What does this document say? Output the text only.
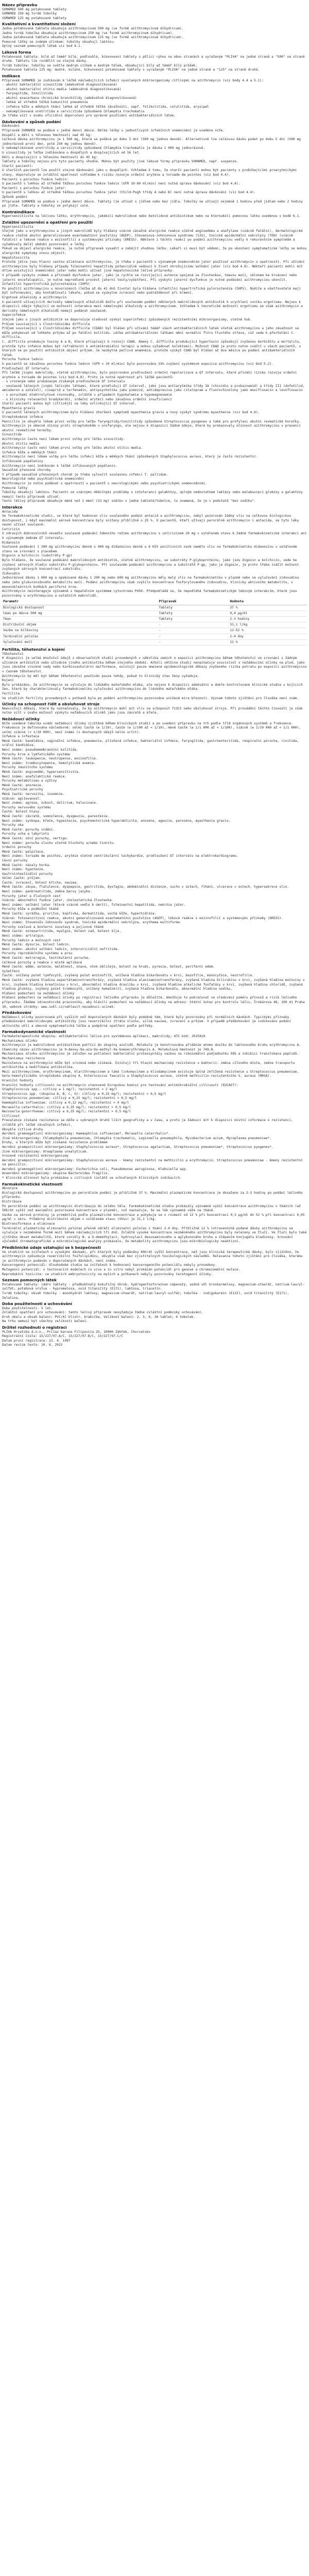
Název přípravku
SUMAMED 500 mg potahované tablety
SUMAMED 250 mg tvrdé tobolky
SUMAMED 125 mg potahované tablety
Kvalitativní a kvantitativní složení
Jedna potahovaná tableta obsahuje azithromycinum 500 mg (ve formě azithromycinum dihydricum).
Jedna tvrdá tobolka obsahuje azithromycinum 250 mg (ve formě azithromycinum dihydricum).
Jedna potahovaná tableta obsahuje azithromycinum 125 mg (ve formě azithromycinum dihydricum).
Pomocné látky se známým účinkem: tobolky obsahují laktózu.
Úplný seznam pomocných látek viz bod 6.1.
Léková forma
Potahovaná tableta: bílé až téměř bílé, podlouhlé, bikonvexní tablety s půlicí rýhou na obou stranách a vyraženým "PLIVA" na jedné straně a "500" na straně druhé. Tabletu lze rozdělit na stejné dávky.
Tvrdá tobolka: tobolky se světle modrým víčkem a modrým tělem, obsahující bílý až téměř bílý prášek.
Potahovaná tableta 125 mg: modré, kulaté, bikonvexní potahované tablety s vyraženým "PLIVA" na jedné straně a "125" na straně druhé.
Indikace
Přípravek SUMAMED je indikován k léčbě následujících infekcí vyvolaných mikroorganismy citlivými na azithromycin (viz body 4.4 a 5.1):
- akutní bakteriální sinusitida (adekvátně diagnostikovaná)
- akutní bakteriální otitis media (adekvátně diagnostikovaná)
- faryngitida, tonzilitida
- akutní exacerbace chronické bronchitidy (adekvátně diagnostikovaná)
- lehká až středně těžká komunitní pneumonie
- infekce kůže a měkkých tkání lehké až středně těžké závažnosti, např. folikulitida, celulitida, erysipel
- nekomplikovaná uretritida a cervicitida způsobená Chlamydia trachomatis
Je třeba vzít v úvahu oficiální doporučení pro správné používání antibakteriálních látek.
Dávkování a způsob podání
Dávkování
Přípravek SUMAMED se podává v jedné denní dávce. Délka léčby u jednotlivých infekčních onemocnění je uvedena níže.
Dospělí a děti s tělesnou hmotností nad 45 kg:
Celková dávka azithromycinu je 1 500 mg, která se podává po dobu 3 dní (500 mg jednou denně). Alternativně lze celkovou dávku podat po dobu 5 dní (500 mg jednorázově první den, poté 250 mg jednou denně).
U nekomplikované uretritidy a cervicitidy způsobené Chlamydia trachomatis je dávka 1 000 mg jednorázově.
U sinusitidy je léčba indikována u dospělých a dospívajících od 16 let.
Děti a dospívající s tělesnou hmotností do 45 kg:
Tablety a tobolky nejsou pro tyto pacienty vhodné. Mohou být použity jiné lékové formy přípravku SUMAMED, např. suspenze.
Starší pacienti:
U starších pacientů lze použít stejné dávkování jako u dospělých. Vzhledem k tomu, že starší pacienti mohou být pacienty s probíhajícími proarytmickými stavy, doporučuje se zvláštní opatrnost vzhledem k riziku rozvoje srdeční arytmie a torsade de pointes (viz bod 4.4).
Pacienti s poruchou funkce ledvin:
U pacientů s lehkou až středně těžkou poruchou funkce ledvin (GFR 10-80 ml/min) není nutná úprava dávkování (viz bod 4.4).
Pacienti s poruchou funkce jater:
U pacientů s lehkou až středně těžkou poruchou funkce jater (Child-Pugh třídy A nebo B) není nutná úprava dávkování (viz bod 4.4).
Způsob podání
Přípravek SUMAMED se podává v jedné denní dávce. Tablety lze užívat s jídlem nebo bez jídla. Tobolky se užívají nejméně 1 hodinu před jídlem nebo 2 hodiny po jídle. Tablety a tobolky se polykají celé.
Kontraindikace
Hypersenzitivita na léčivou látku, erythromycin, jakékoli makrolidové nebo ketolidové antibiotikum nebo na kteroukoli pomocnou látku uvedenou v bodě 6.1.
Zvláštní upozornění a opatření pro použití
Hypersenzitivita
Stejně jako u erythromycinu a jiných makrolidů byly hlášeny vzácné závažné alergické reakce včetně angioedému a anafylaxe (vzácně fatální), dermatologické reakce včetně akutní generalizované exantematózní pustulózy (AGEP), Stevensova-Johnsonova syndromu (SJS), toxické epidermální nekrolýzy (TEN) (vzácně fatální) a lékové reakce s eozinofilií a systémovými příznaky (DRESS). Některé z těchto reakcí po podání azithromycinu vedly k rekurentním symptomům a vyžadovaly delší období pozorování a léčby.
Pokud se objeví alergická reakce, je nutné přípravek vysadit a zahájit vhodnou léčbu. Lékaři si musí být vědomi, že po ukončení symptomatické léčby se mohou alergické symptomy znovu objevit.
Hepatotoxicita
Protože játra jsou hlavní cestou eliminace azithromycinu, je třeba u pacientů s významným onemocněním jater používat azithromycin s opatrností. Při užívání azithromycinu byly hlášeny případy fulminantní hepatitidy potenciálně vedoucí k život ohrožujícímu selhání jater (viz bod 4.8). Někteří pacienti mohli mít dříve existující onemocnění jater nebo mohli užívat jiné hepatotoxické léčivé přípravky.
V případě výskytu známek a příznaků dysfunkce jater, jako je rychle se rozvíjející astenie spojená se žloutenkou, tmavou močí, sklonem ke krvácení nebo jaterní encefalopatií, je nutné neprodleně provést jaterní testy/vyšetření. Při výskytu jaterní dysfunkce je nutné podávání azithromycinu ukončit.
Infantilní hypertrofická pylorostenóza (IHPS)
Po použití azithromycinu u novorozenců (léčba až do 42 dnů života) byla hlášena infantilní hypertrofická pylorostenóza (IHPS). Rodiče a ošetřovatelé mají být informováni, aby kontaktovali lékaře, pokud se vyskytne zvracení nebo podrážděnost při krmení.
Ergotové alkaloidy a azithromycin
U pacientů užívajících deriváty námelových alkaloidů došlo při současném podání některých makrolidových antibiotik k urychlení vzniku ergotismu. Nejsou k dispozici údaje týkající se možnosti interakce mezi námelovými alkaloidy a azithromycinem. Vzhledem k teoretické možnosti ergotismu se však azithromycin a deriváty námelových alkaloidů nemají podávat současně.
Superinfekce
Stejně jako u jiných antibiotik se doporučuje sledovat výskyt superinfekcí způsobených rezistentními mikroorganismy, včetně hub.
Průjem související s Clostridioides difficile
Průjem související s Clostridioides difficile (CDAD) byl hlášen při užívání téměř všech antibakteriálních látek včetně azithromycinu a jeho závažnost se může pohybovat od lehkého průjmu až po fatální kolitidu. Léčba antibakteriálními látkami mění normální flóru tlustého střeva, což vede k přerůstání C. difficile.
C. difficile produkuje toxiny A a B, které přispívají k rozvoji CDAD. Kmeny C. difficile produkující hypertoxin způsobují zvýšenou morbiditu a mortalitu, protože tyto infekce mohou být refrakterní k antimikrobiální terapii a mohou vyžadovat kolektomii. Možnost CDAD je proto nutno zvážit u všech pacientů, u kterých se po použití antibiotik objeví průjem. Je nezbytná pečlivá anamnéza, protože výskyt CDAD byl hlášen až dva měsíce po podání antibakteriálních látek.
Porucha funkce ledvin
U pacientů se závažnou poruchou funkce ledvin (GFR < 10 ml/min) bylo pozorováno 33% zvýšení systémové expozice azithromycinu (viz bod 5.2).
Prodloužení QT intervalu
Při léčbě jinými makrolidy, včetně azithromycinu, bylo pozorováno prodloužení srdeční repolarizace a QT intervalu, které přináší riziko rozvoje srdeční arytmie a torsade de pointes (viz bod 4.8). Proto je nutná opatrnost při léčbě pacientů:
- s vrozeným nebo prokázaným získaným prodloužením QT intervalu
- současně léčených jinými léčivými látkami, které prodlužují QT interval, jako jsou antiarytmika třídy IA (chinidin a prokainamid) a třídy III (dofetilid, amiodaron a sotalol), cisaprid a terfenadin, antipsychotika jako pimozid, antidepresiva jako citalopram a fluorochinolony jako moxifloxacin a levofloxacin
- s poruchami elektrolytové rovnováhy, zvláště v případech hypokalemie a hypomagnesemie
- s klinicky relevantní bradykardií, srdeční arytmií nebo závažnou srdeční insuficiencí
Starší pacienti mohou být citlivější na léky ovlivňující QT interval.
Myasthenia gravis
U pacientů léčených azithromycinem bylo hlášeno zhoršení symptomů myasthenia gravis a nový výskyt syndromu myasthenie (viz bod 4.8).
Streptokokové infekce
Penicilin je obvykle lékem první volby pro léčbu faryngitidy/tonzilitidy způsobené Streptococcus pyogenes a také pro profylaxi akutní revmatické horečky. Azithromycin je obecně účinný proti streptokokům v orofaryngu, ale nejsou k dispozici žádné údaje, které by prokazovaly účinnost azithromycinu v prevenci akutní revmatické horečky.
Sinusitida
Azithromycin často není lékem první volby pro léčbu sinusitidy.
Akutní otitis media
Azithromycin často není lékem první volby pro léčbu akutní otitis media.
Infekce kůže a měkkých tkání
Azithromycin není lékem volby pro léčbu infekcí kůže a měkkých tkání způsobených Staphylococcus aureus, který je často rezistentní.
Infikované popáleniny
Azithromycin není indikován k léčbě infikovaných popálenin.
Sexuálně přenosné choroby
V případě sexuálně přenosných chorob je třeba vyloučit současnou infekci T. pallidum.
Neurologická nebo psychiatrická onemocnění
Azithromycin je nutno podávat s opatrností u pacientů s neurologickými nebo psychiatrickými onemocněními.
Pomocné látky
Tobolky obsahují laktózu. Pacienti se vzácnými dědičnými problémy s intolerancí galaktózy, úplným nedostatkem laktázy nebo malabsorpcí glukózy a galaktózy nemají tento přípravek užívat.
Tento léčivý přípravek obsahuje méně než 1 mmol (23 mg) sodíku v jedné tabletě/tobolce, to znamená, že je v podstatě "bez sodíku".
Interakce
Antacida
Ve farmakokinetické studii, ve které byl hodnocen vliv současného podání antacid a azithromycinu, nebyl pozorován žádný vliv na celkovou biologickou dostupnost, i když maximální sérové koncentrace byly sníženy přibližně o 25 %. U pacientů, kteří užívají perorálně azithromycin i antacida, se tyto léky nesmí užívat současně.
Cetirizin
U zdravých dobrovolníků nevedlo současné podávání 5denního režimu azithromycinu s cetirizinem 20 mg v ustáleném stavu k žádné farmakokinetické interakci ani k významným změnám QT intervalu.
Didanosin
Současné podávání 1 200 mg azithromycinu denně s 400 mg didanosinu denně u 6 HIV pozitivních osob nemělo vliv na farmakokinetiku didanosinu v ustáleném stavu ve srovnání s placebem.
Digoxin a kolchicin (substráty P-gp)
Bylo hlášeno, že současné podávání makrolidových antibiotik, včetně azithromycinu, se substráty P-glykoproteinu, jako jsou digoxin a kolchicin, vede ke zvýšení sérových hladin substrátu P-glykoproteinu. Při současném podávání azithromycinu a substrátů P-gp, jako je digoxin, je proto třeba zvážit možnost zvýšených sérových koncentrací substrátu.
Zidovudin
Jednorázové dávky 1 000 mg a opakované dávky 1 200 mg nebo 600 mg azithromycinu měly malý vliv na farmakokinetiku v plazmě nebo na vylučování zidovudinu nebo jeho glukuronidového metabolitu močí. Podání azithromycinu však zvýšilo koncentrace fosforylovaného zidovudinu, klinicky aktivního metabolitu, v mononukleárních buňkách periferní krve.
Azithromycin neinteraguje významně s hepatálním systémem cytochromu P450. Předpokládá se, že nepodléhá farmakokinetickým lékovým interakcím, které jsou pozorovány u erythromycinu a ostatních makrolidů.
Parametr	Přípravek	Hodnota
Biologická dostupnost	Tablety	37 %
Cmax po dávce 500 mg	Tablety	0,4 µg/ml
Tmax	Tablety	2-3 hodiny
Distribuční objem	-	31,1 l/kg
Vazba na bílkoviny	-	12-52 %
Terminální poločas	-	2-4 dny
Vylučování močí	-	12 %
Fertilita, těhotenství a kojení
Těhotenství
K dispozici je velké množství údajů z observačních studií provedených v několika zemích o expozici azithromycinu během těhotenství ve srovnání s žádným užíváním antibiotik nebo užíváním jiného antibiotika během stejného období. Ačkoli většina studií nenaznačuje souvislost s nežádoucími účinky na plod, jako jsou závažné vrozené vady nebo kardiovaskulární malformace, existují pouze omezené epidemiologické důkazy zvýšeného rizika potratu po expozici azithromycinu v časném těhotenství.
Azithromycin by měl být během těhotenství používán pouze tehdy, pokud to klinický stav ženy vyžaduje.
Kojení
Bylo prokázáno, že azithromycin se vylučuje do lidského mateřského mléka, ale nejsou k dispozici adekvátní a dobře kontrolované klinické studie u kojících žen, které by charakterizovaly farmakokinetiku vylučování azithromycinu do lidského mateřského mléka.
Fertilita
Ve studiích fertility provedených u potkanů byla po podání azithromycinu pozorována snížená míra březosti. Význam tohoto zjištění pro člověka není znám.
Účinky na schopnost řídit a obsluhovat stroje
Neexistují důkazy, které by naznačovaly, že by azithromycin mohl mít vliv na schopnost řídit nebo obsluhovat stroje. Při provádění těchto činností je však nutno vzít v úvahu možnost výskytu nežádoucích účinků jako jsou závratě a křeče.
Nežádoucí účinky
Níže uvedená tabulka uvádí nežádoucí účinky zjištěné během klinických studií a po uvedení přípravku na trh podle tříd orgánových systémů a frekvence. Frekvence je definována následovně: velmi časté (≥ 1/10), časté (≥ 1/100 až < 1/10), méně časté (≥ 1/1 000 až < 1/100), vzácné (≥ 1/10 000 až < 1/1 000), velmi vzácné (< 1/10 000), není známo (z dostupných údajů nelze určit).
Infekce a infestace
Méně časté: kandidóza, vaginální infekce, pneumonie, plísňová infekce, bakteriální infekce, faryngitida, gastroenteritida, respirační porucha, rinitida, orální kandidóza.
Není známo: pseudomembranózní kolitida.
Poruchy krve a lymfatického systému
Méně časté: leukopenie, neutropenie, eozinofilie.
Není známo: trombocytopenie, hemolytická anemie.
Poruchy imunitního systému
Méně časté: angioedém, hypersenzitivita.
Není známo: anafylaktická reakce.
Poruchy metabolismu a výživy
Méně časté: anorexie.
Psychiatrické poruchy
Méně časté: nervozita, insomnie.
Vzácné: agitovanost.
Není známo: agrese, úzkost, delirium, halucinace.
Poruchy nervového systému
Časté: bolest hlavy.
Méně časté: závratě, somnolence, dysgeuzie, parestezie.
Není známo: synkopa, křeče, hypestezie, psychomotorická hyperaktivita, anosmie, ageuzie, parosmie, myasthenia gravis.
Poruchy oka
Méně časté: poruchy vidění.
Poruchy ucha a labyrintu
Méně časté: ušní poruchy, vertigo.
Není známo: porucha sluchu včetně hluchoty a/nebo tinnitu.
Srdeční poruchy
Méně časté: palpitace.
Není známo: torsade de pointes, arytmie včetně ventrikulární tachykardie, prodloužení QT intervalu na elektrokardiogramu.
Cévní poruchy
Méně časté: návaly horka.
Není známo: hypotenze.
Gastrointestinální poruchy
Velmi časté: průjem.
Časté: zvracení, bolest břicha, nauzea.
Méně časté: zácpa, flatulence, dyspepsie, gastritida, dysfagie, abdominální distenze, sucho v ústech, říhání, ulcerace v ústech, hypersekrece slin.
Není známo: pankreatitida, změna barvy jazyka.
Poruchy jater a žlučových cest
Vzácné: abnormální funkce jater, cholestatická žloutenka.
Není známo: selhání jater (které vzácně vedlo k úmrtí), fulminantní hepatitida, nekróza jater.
Poruchy kůže a podkožní tkáně
Méně časté: vyrážka, pruritus, kopřivka, dermatitida, suchá kůže, hyperhidróza.
Vzácné: fotosenzitivní reakce, akutní generalizovaná exantematózní pustulóza (AGEP), léková reakce s eozinofilií a systémovými příznaky (DRESS).
Není známo: Stevensův-Johnsonův syndrom, toxická epidermální nekrolýza, erythema multiforme.
Poruchy svalové a kosterní soustavy a pojivové tkáně
Méně časté: osteoartritida, myalgie, bolest zad, bolest šíje.
Není známo: artralgie.
Poruchy ledvin a močových cest
Méně časté: dysurie, bolest ledvin.
Není známo: akutní selhání ledvin, intersticiální nefritida.
Poruchy reprodukčního systému a prsu
Méně časté: metroragie, testikulární porucha.
Celkové poruchy a reakce v místě aplikace
Méně časté: edém, astenie, malátnost, únava, otok obličeje, bolest na hrudi, pyrexie, bolest, periferní edém.
Vyšetření
Časté: snížený počet lymfocytů, zvýšený počet eozinofilů, snížená hladina bikarbonátu v krvi, bazofilie, monocytóza, neutrofilie.
Méně časté: zvýšená hladina aspartátaminotransferázy, zvýšená hladina alaninaminotransferázy, zvýšená hladina bilirubinu v krvi, zvýšená hladina močoviny v krvi, zvýšená hladina kreatininu v krvi, abnormální hladina draslíku v krvi, zvýšená hladina alkalické fosfatázy v krvi, zvýšená hladina chloridů, zvýšená hladina glukózy, zvýšený počet trombocytů, snížený hematokrit, zvýšená hladina bikarbonátu, abnormální hladina sodíku.
Hlášení podezření na nežádoucí účinky
Hlášení podezření na nežádoucí účinky po registraci léčivého přípravku je důležité. Umožňuje to pokračovat ve sledování poměru přínosů a rizik léčivého přípravku. Žádáme zdravotnické pracovníky, aby hlásili podezření na nežádoucí účinky na adresu: Státní ústav pro kontrolu léčiv, Šrobárova 48, 100 41 Praha 10, webové stránky: www.sukl.cz/nahlasit-nezadouci-ucinek.
Předávkování
Nežádoucí účinky pozorované při vyšších než doporučených dávkách byly podobné těm, které byly pozorovány při normálních dávkách. Typickými příznaky předávkování makrolidovými antibiotiky jsou reverzibilní ztráta sluchu, silná nauzea, zvracení a průjem. V případě předávkování je indikováno podání aktivního uhlí a obecná symptomatická léčba a podpůrná opatření podle potřeby.
Farmakodynamické vlastnosti
Farmakoterapeutická skupina: antibakteriální léčiva pro systémovou aplikaci, makrolidy; ATC kód: J01FA10
Mechanismus účinku
Azithromycin je makrolidové antibiotikum patřící do skupiny azalidů. Molekula je konstruována přidáním atomu dusíku do laktonového kruhu erythromycinu A. Chemický název azithromycinu je 9-deoxy-9a-aza-9a-methyl-9a-homoerythromycin A. Molekulová hmotnost je 749,0.
Mechanismus účinku azithromycinu je založen na potlačení bakteriální proteosyntézy vazbou na ribozomální podjednotku 50S a inhibici translokace peptidů.
Mechanismus rezistence
Rezistence na azithromycin může být vrozená nebo získaná. Existují tři hlavní mechanismy rezistence u bakterií: změna cílového místa, změna transportu antibiotika a modifikace antibiotika.
Mezi azithromycinem, erythromycinem, klarithromycinem a také linkomycinem a klindamycinem existuje úplná zkřížená rezistence u Streptococcus pneumoniae, beta-hemolytického streptokoka skupiny A, Enterococcus faecalis a Staphylococcus aureus, včetně methicilin-rezistentního S. aureus (MRSA).
Hraniční hodnoty
Hraniční hodnoty citlivosti na azithromycin stanovené Evropskou komisí pro testování antimikrobiální citlivosti (EUCAST):
Staphylococcus spp.: citlivý ≤ 1 mg/l; rezistentní > 2 mg/l
Streptococcus spp. (skupina A, B, C, G): citlivý ≤ 0,25 mg/l; rezistentní > 0,5 mg/l
Streptococcus pneumoniae: citlivý ≤ 0,25 mg/l; rezistentní > 0,5 mg/l
Haemophilus influenzae: citlivý ≤ 0,12 mg/l; rezistentní > 4 mg/l
Moraxella catarrhalis: citlivý ≤ 0,25 mg/l; rezistentní > 0,5 mg/l
Neisseria gonorrhoeae: citlivý ≤ 0,25 mg/l; rezistentní > 0,5 mg/l
Citlivost
Prevalence získané rezistence se může u vybraných druhů lišit geograficky a v čase, a proto je žádoucí mít k dispozici místní informace o rezistenci, zvláště při léčbě závažných infekcí.
Obvykle citlivé druhy
Aerobní gramnegativní mikroorganismy: Haemophilus influenzae*, Moraxella catarrhalis*.
Jiné mikroorganismy: Chlamydophila pneumoniae, Chlamydia trachomatis, Legionella pneumophila, Mycobacterium avium, Mycoplasma pneumoniae*.
Druhy, u kterých může být získaná rezistence problémem
Aerobní grampozitivní mikroorganismy: Staphylococcus aureus*, Streptococcus agalactiae, Streptococcus pneumoniae*, Streptococcus pyogenes*.
Jiné mikroorganismy: Ureaplasma urealyticum.
Vrozeně rezistentní mikroorganismy
Aerobní grampozitivní mikroorganismy: Staphylococcus aureus - kmeny rezistentní na methicilin a erythromycin, Streptococcus pneumoniae - kmeny rezistentní na penicilin.
Aerobní gramnegativní mikroorganismy: Escherichia coli, Pseudomonas aeruginosa, Klebsiella spp.
Anaerobní mikroorganismy: skupina Bacteroides fragilis.
* Klinická účinnost byla prokázána u citlivých izolátů ve schválených klinických indikacích.
Farmakokinetické vlastnosti
Absorpce
Biologická dostupnost azithromycinu po perorálním podání je přibližně 37 %. Maximální plazmatické koncentrace je dosaženo za 2-3 hodiny po podání léčivého přípravku.
Distribuce
Po perorálním podání se azithromycin distribuuje do celého těla. Farmakokinetické studie prokázaly významně vyšší koncentrace azithromycinu v tkáních (až 50krát vyšší než maximální pozorovaná koncentrace v plazmě), což naznačuje, že se lék významně váže na tkáně.
Vazba na sérové proteiny je proměnlivá podle plazmatické koncentrace a pohybuje se v rozmezí od 12 % při koncentraci 0,5 µg/ml do 52 % při koncentraci 0,05 µg/ml v séru. Průměrný distribuční objem v ustáleném stavu (VVss) je 31,1 l/kg.
Biotransformace a eliminace
Terminální plazmatický eliminační poločas přesně odráží eliminační poločas z tkání 2-4 dny. Přibližně 12 % intravenózně podané dávky azithromycinu se vylučuje v nezměněné formě močí během následujících tří dnů. Zvláště vysoké koncentrace nezměněného azithromycinu byly nalezeny ve žluči. Ve žluči bylo také zjištěno deset metabolitů, které vznikly N- a O-demethylací, hydroxylací desosaminového a aglykonového kruhu a štěpením konjugátu kladinosy. Srovnání výsledků chromatografické a mikrobiologické analýzy prokázalo, že metabolity azithromycinu jsou mikrobiologicky neaktivní.
Předklinické údaje vztahující se k bezpečnosti
Ve studiích na zvířatech s vysokými dávkami, při kterých byly podávány 40krát vyšší koncentrace, než jsou klinické terapeutické dávky, bylo zjištěno, že azithromycin způsobuje reverzibilní fosfolipidózu, obvykle však bez zjistitelných toxikologických následků. Relevance tohoto zjištění pro člověka, kterému je azithromycin podáván v doporučených dávkách, není známa.
Kancerogenní potenciál: dlouhodobé studie na zvířatech k hodnocení kancerogenního potenciálu nebyly provedeny.
Mutagenní potenciál: v testovacích modelech in vivo a in vitro nebyl prokázán potenciál pro genové a chromozomální mutace.
Reprodukční toxicita: ve studiích embryotoxicity na myších a potkanech nebyly pozorovány teratogenní účinky.
Seznam pomocných látek
Potahované tablety: jádro tablety - předbobtnalý kukuřičný škrob, hydrogenfosforečnan vápenatý, sodná sůl kroskarmelosy, magnesium-stearát, natrium-lauryl-sulfát; potahová vrstva - hypromelosa, oxid titaničitý (E171), laktosa, triacetin.
Tvrdé tobolky: obsah tobolky - monohydrát laktosy, magnesium-stearát, natrium-lauryl-sulfát; tobolka - indigokarmín (E132), oxid titaničitý (E171), želatina.
Doba použitelnosti a uchovávání
Doba použitelnosti: 5 let.
Zvláštní opatření pro uchovávání: tento léčivý přípravek nevyžaduje žádné zvláštní podmínky uchovávání.
Druh obalu a obsah balení: PVC/Al blistr, krabička. Velikost balení: 2, 3, 6, 30 tablet; 6 tobolek.
Na trhu nemusí být všechny velikosti balení.
Držitel rozhodnutí o registraci
PLIVA Hrvatska d.o.o., Prilaz baruna Filipovića 25, 10000 Záhřeb, Chorvatsko
Registrační čísla: 15/227/97-A/C, 15/227/97-B/C, 15/227/97-C/C
Datum první registrace: 23. 4. 1997
Datum revize textu: 10. 6. 2022
